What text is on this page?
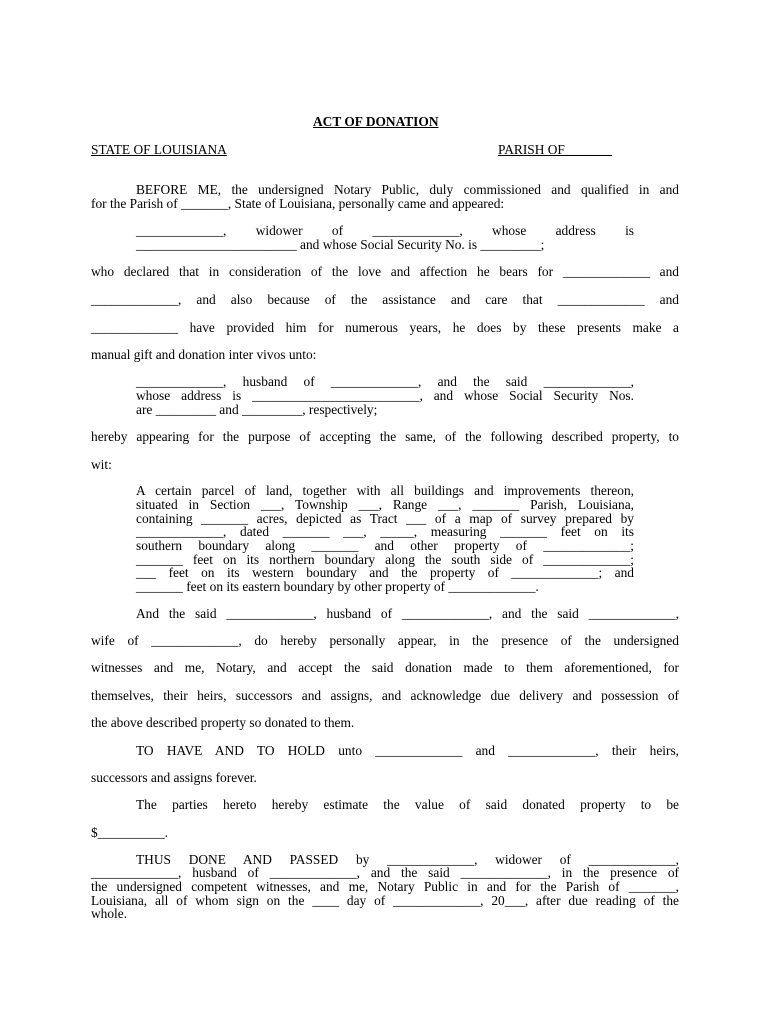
ACT OF DONATION
STATE OF LOUISIANA	PARISH OF_______
BEFORE ME, the undersigned Notary Public, duly commissioned and qualified in and
for the Parish of _______, State of Louisiana, personally came and appeared:
_____________,  widower  of  _____________,  whose  address  is
________________________ and whose Social Security No. is _________;
who declared that in consideration of the love and affection he bears for _____________ and
_____________, and also because of the assistance and care that _____________ and
_____________ have provided him for numerous years, he does by these presents make a
manual gift and donation inter vivos unto:
_____________, husband of _____________, and the said _____________,
whose address is _________________________, and whose Social Security Nos.
are _________ and _________, respectively;
hereby appearing for the purpose of accepting the same, of the following described property, to
wit:
A certain parcel of land, together with all buildings and improvements thereon,
situated in Section ___, Township ___, Range ___, _______ Parish, Louisiana,
containing _______ acres, depicted as Tract ___ of a map of survey prepared by
_____________, dated _______ ___, _____, measuring _______ feet on its
southern boundary along _______ and other property of _____________;
_______ feet on its northern boundary along the south side of _____________;
___ feet on its western boundary and the property of _____________; and
_______ feet on its eastern boundary by other property of _____________.
And the said _____________, husband of _____________, and the said _____________,
wife of _____________, do hereby personally appear, in the presence of the undersigned
witnesses and me, Notary, and accept the said donation made to them aforementioned, for
themselves, their heirs, successors and assigns, and acknowledge due delivery and possession of
the above described property so donated to them.
TO HAVE AND TO HOLD unto _____________ and _____________, their heirs,
successors and assigns forever.
The parties hereto hereby estimate the value of said donated property to be
$__________.
THUS DONE AND PASSED by _____________, widower of _____________,
_____________, husband of _____________, and the said _____________, in the presence of
the undersigned competent witnesses, and me, Notary Public in and for the Parish of _______,
Louisiana, all of whom sign on the ____ day of _____________, 20___, after due reading of the
whole.
